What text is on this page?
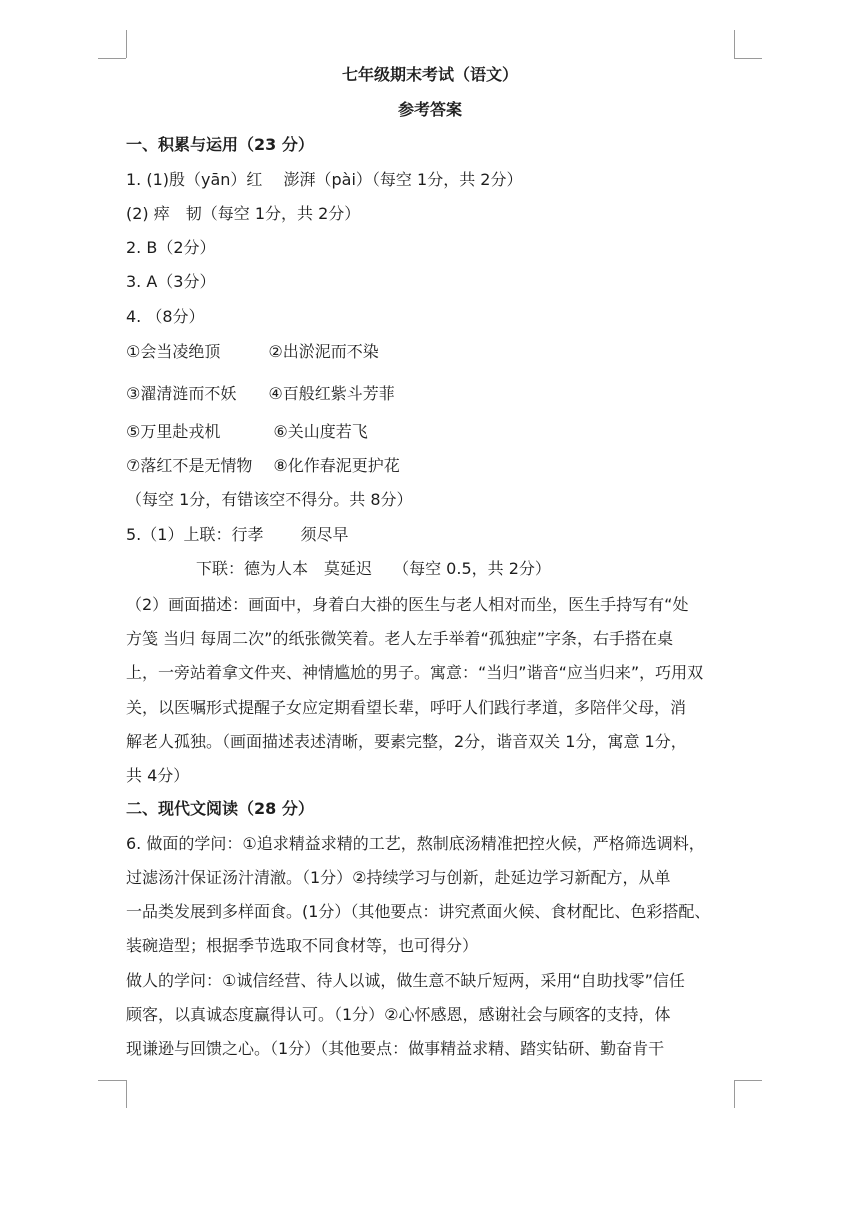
七年级期末考试（语文）
参考答案
一、积累与运用（23 分）
1. (1)殷（yān）红　 澎湃（pài）（每空 1分，共 2分）
(2) 瘁　韧（每空 1分，共 2分）
2. B（2分）
3. A（3分）
4. （8分）
①会当凌绝顶　　　②出淤泥而不染
③濯清涟而不妖　　④百般红紫斗芳菲
⑤万里赴戎机　　　 ⑥关山度若飞
⑦落红不是无情物　 ⑧化作春泥更护花
（每空 1分，有错该空不得分。共 8分）
5.（1）上联：行孝　　 须尽早
下联：德为人本　莫延迟　 （每空 0.5，共 2分）
（2）画面描述：画面中，身着白大褂的医生与老人相对而坐，医生手持写有“处
方笺 当归 每周二次”的纸张微笑着。老人左手举着“孤独症”字条，右手搭在桌
上，一旁站着拿文件夹、神情尴尬的男子。寓意：“当归”谐音“应当归来”，巧用双
关，以医嘱形式提醒子女应定期看望长辈，呼吁人们践行孝道，多陪伴父母，消
解老人孤独。（画面描述表述清晰，要素完整，2分，谐音双关 1分，寓意 1分，
共 4分）
二、现代文阅读（28 分）
6. 做面的学问：①追求精益求精的工艺，熬制底汤精准把控火候，严格筛选调料，
过滤汤汁保证汤汁清澈。（1分）②持续学习与创新，赴延边学习新配方，从单
一品类发展到多样面食。(1分）（其他要点：讲究煮面火候、食材配比、色彩搭配、
装碗造型；根据季节选取不同食材等，也可得分）
做人的学问：①诚信经营、待人以诚，做生意不缺斤短两，采用“自助找零”信任
顾客，以真诚态度赢得认可。（1分）②心怀感恩，感谢社会与顾客的支持，体
现谦逊与回馈之心。（1分）（其他要点：做事精益求精、踏实钻研、勤奋肯干
